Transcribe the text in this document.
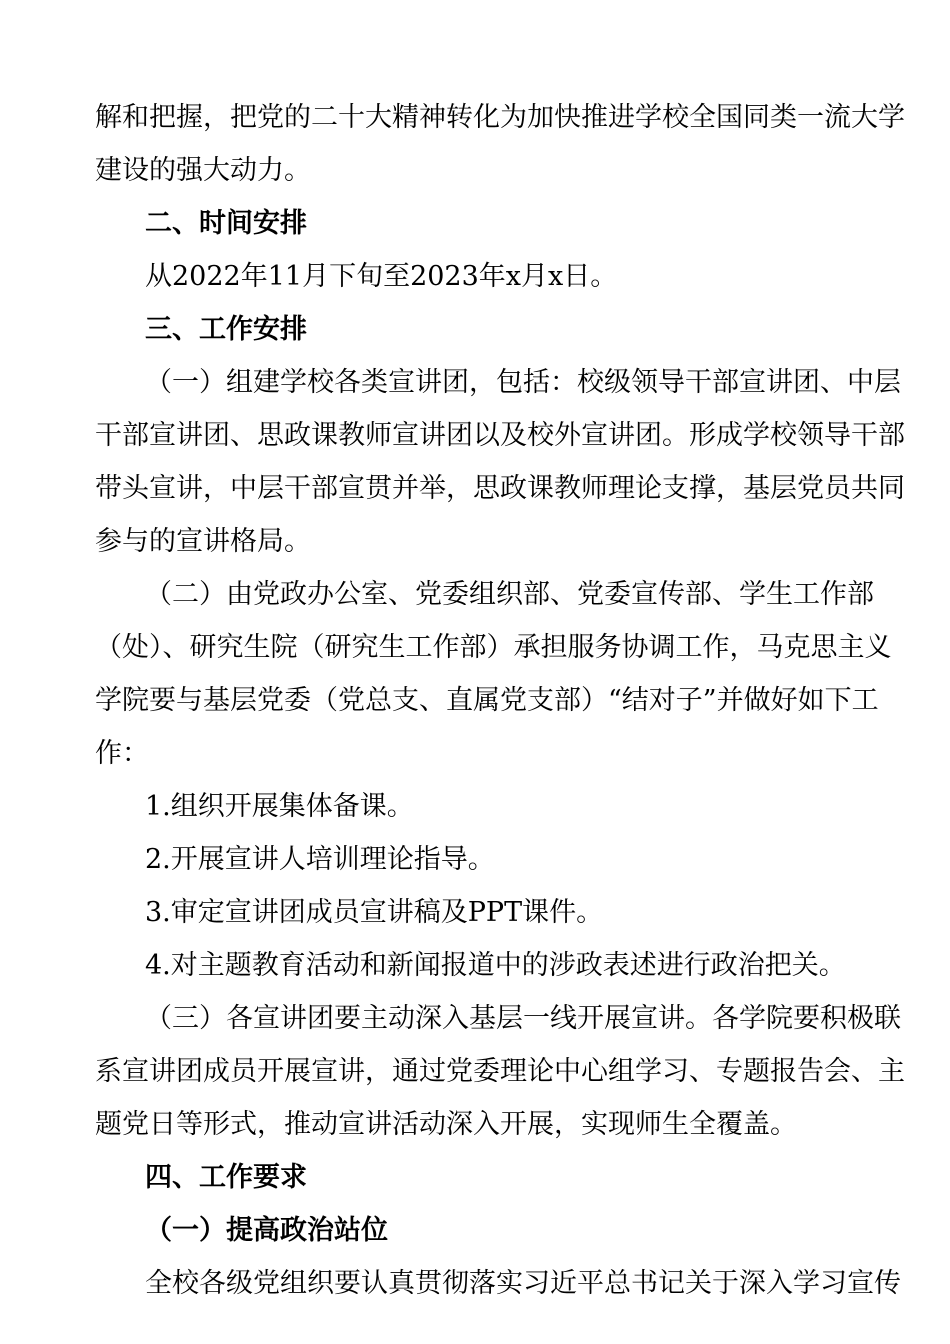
解和把握，把党的二十大精神转化为加快推进学校全国同类一流大学
建设的强大动力。
二、时间安排
从2022年11月下旬至2023年x月x日。
三、工作安排
（一）组建学校各类宣讲团，包括：校级领导干部宣讲团、中层
干部宣讲团、思政课教师宣讲团以及校外宣讲团。形成学校领导干部
带头宣讲，中层干部宣贯并举，思政课教师理论支撑，基层党员共同
参与的宣讲格局。
（二）由党政办公室、党委组织部、党委宣传部、学生工作部
（处）、研究生院（研究生工作部）承担服务协调工作，马克思主义
学院要与基层党委（党总支、直属党支部）“结对子”并做好如下工
作：
1.组织开展集体备课。
2.开展宣讲人培训理论指导。
3.审定宣讲团成员宣讲稿及PPT课件。
4.对主题教育活动和新闻报道中的涉政表述进行政治把关。
（三）各宣讲团要主动深入基层一线开展宣讲。各学院要积极联
系宣讲团成员开展宣讲，通过党委理论中心组学习、专题报告会、主
题党日等形式，推动宣讲活动深入开展，实现师生全覆盖。
四、工作要求
（一）提高政治站位
全校各级党组织要认真贯彻落实习近平总书记关于深入学习宣传
